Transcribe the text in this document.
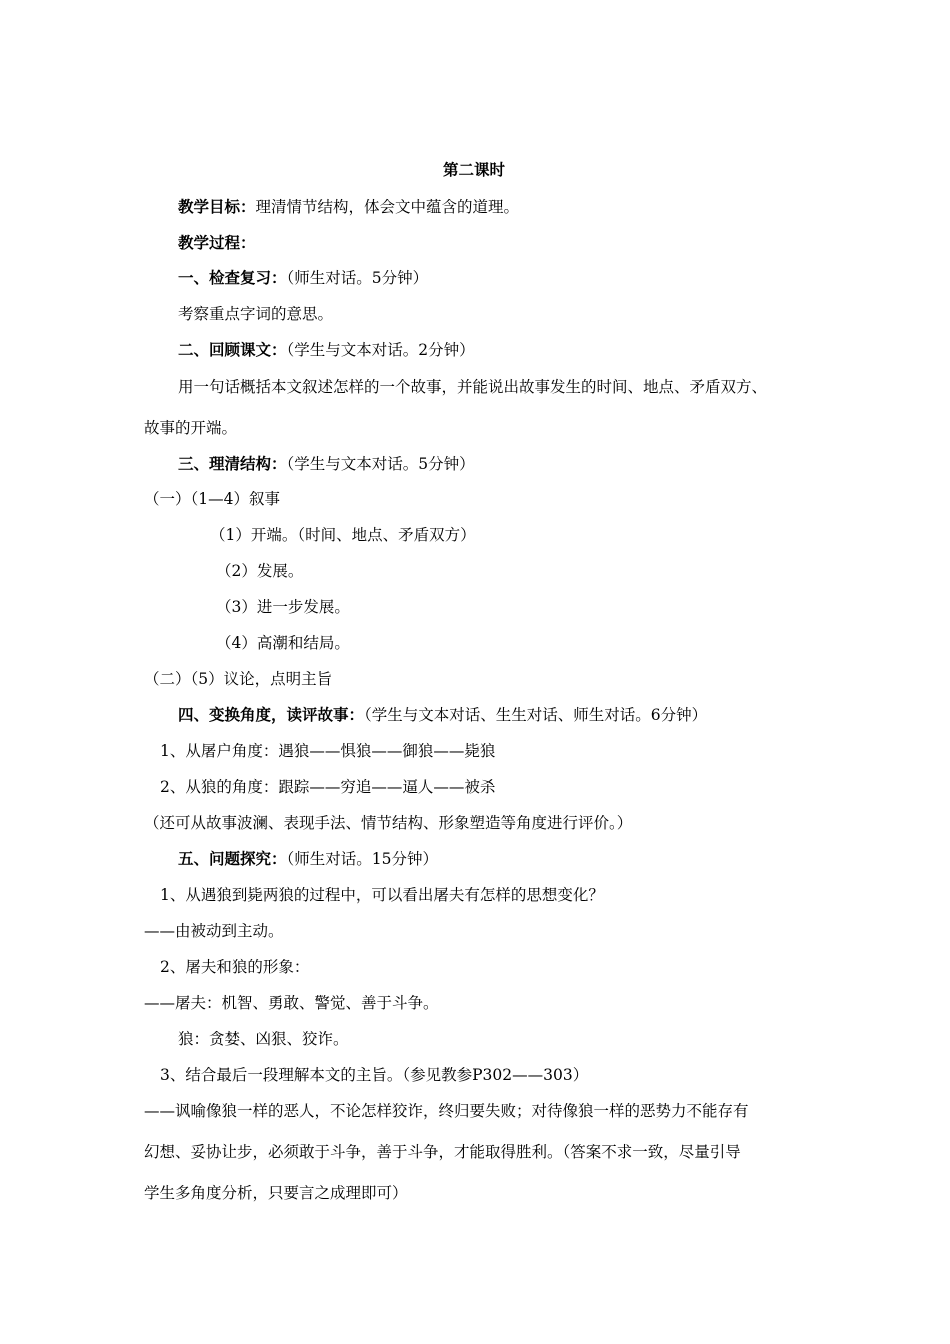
第二课时
教学目标：理清情节结构，体会文中蕴含的道理。
教学过程：
一、检查复习：（师生对话。5分钟）
考察重点字词的意思。
二、回顾课文：（学生与文本对话。2分钟）
用一句话概括本文叙述怎样的一个故事，并能说出故事发生的时间、地点、矛盾双方、
故事的开端。
三、理清结构：（学生与文本对话。5分钟）
（一）（1—4）叙事
（1）开端。（时间、地点、矛盾双方）
（2）发展。
（3）进一步发展。
（4）高潮和结局。
（二）（5）议论，点明主旨
四、变换角度，读评故事：（学生与文本对话、生生对话、师生对话。6分钟）
1、从屠户角度：遇狼——惧狼——御狼——毙狼
2、从狼的角度：跟踪——穷追——逼人——被杀
（还可从故事波澜、表现手法、情节结构、形象塑造等角度进行评价。）
五、问题探究：（师生对话。15分钟）
1、从遇狼到毙两狼的过程中，可以看出屠夫有怎样的思想变化？
——由被动到主动。
2、屠夫和狼的形象：
——屠夫：机智、勇敢、警觉、善于斗争。
狼：贪婪、凶狠、狡诈。
3、结合最后一段理解本文的主旨。（参见教参P302——303）
——讽喻像狼一样的恶人，不论怎样狡诈，终归要失败；对待像狼一样的恶势力不能存有
幻想、妥协让步，必须敢于斗争，善于斗争，才能取得胜利。（答案不求一致，尽量引导
学生多角度分析，只要言之成理即可）
